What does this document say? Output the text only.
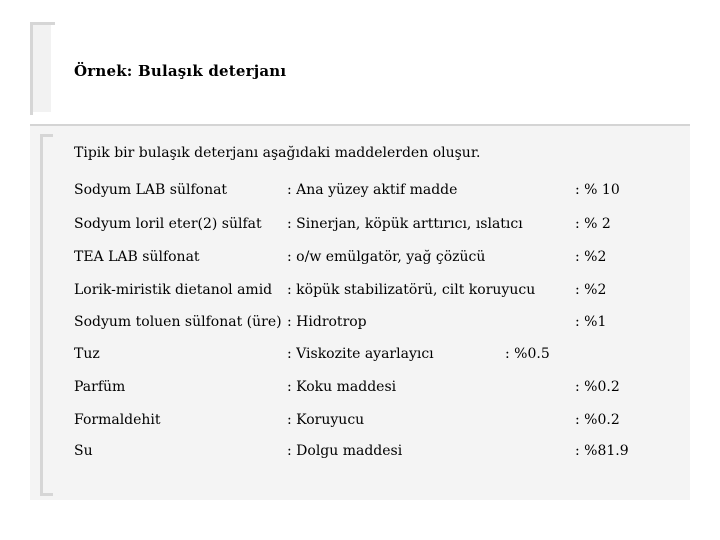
Örnek: Bulaşık deterjanı
Tipik bir bulaşık deterjanı aşağıdaki maddelerden oluşur.
Sodyum LAB sülfonat	: Ana yüzey aktif madde	: % 10
Sodyum loril eter(2) sülfat : Sinerjan, köpük arttırıcı, ıslatıcı	: % 2
TEA LAB sülfonat	: o/w emülgatör, yağ çözücü	: %2
Lorik-miristik dietanol amid : köpük stabilizatörü, cilt koruyucu	: %2
Sodyum toluen sülfonat (üre) : Hidrotrop	: %1
Tuz	: Viskozite ayarlayıcı	: %0.5
Parfüm	: Koku maddesi	: %0.2
Formaldehit	: Koruyucu	: %0.2
Su	: Dolgu maddesi	: %81.9
